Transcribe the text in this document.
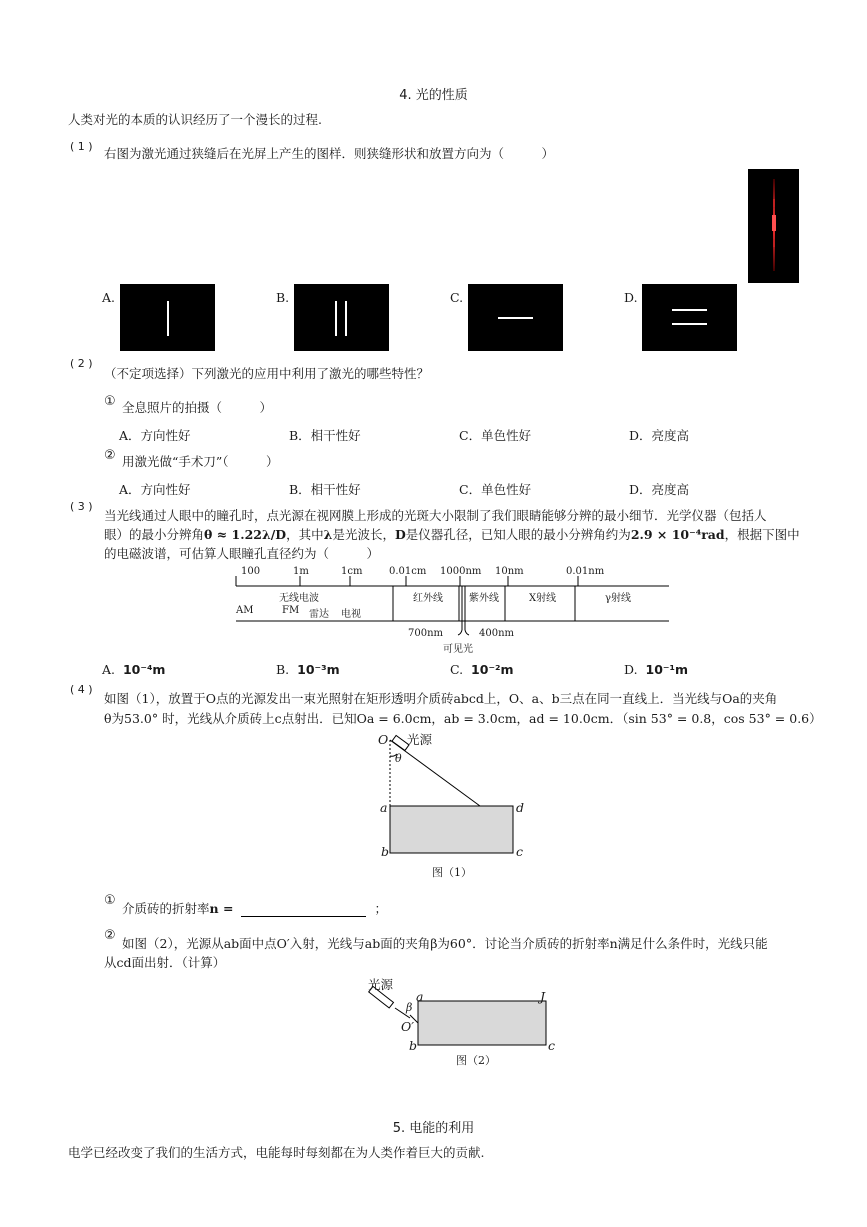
4. 光的性质
人类对光的本质的认识经历了一个漫长的过程.
( 1 ) 右图为激光通过狭缝后在光屏上产生的图样．则狭缝形状和放置方向为（　　　）
A.	B.	C.	D.
( 2 )
（不定项选择）下列激光的应用中利用了激光的哪些特性？
① 全息照片的拍摄（　　　）
A．方向性好	B．相干性好	C．单色性好	D．亮度高
② 用激光做“手术刀”（　　　）
A．方向性好	B．相干性好	C．单色性好	D．亮度高
( 3 )
当光线通过人眼中的瞳孔时，点光源在视网膜上形成的光斑大小限制了我们眼睛能够分辨的最小细节．光学仪器（包括人
眼）的最小分辨角θ ≈ 1.22λ/D，其中λ是光波长，D是仪器孔径，已知人眼的最小分辨角约为2.9 × 10⁻⁴rad，根据下图中
的电磁波谱，可估算人眼瞳孔直径约为（　　　）
100	1m	1cm	0.01cm 1000nm 10nm	0.01nm
无线电波	红外线	紫外线	X射线	γ射线
AM	FM 雷达 电视
700nm	400nm
可见光
A. 10⁻⁴m	B. 10⁻³m	C. 10⁻²m	D. 10⁻¹m
( 4 )
如图（1），放置于O点的光源发出一束光照射在矩形透明介质砖abcd上，O、a、b三点在同一直线上．当光线与Oa的夹角
θ为53.0° 时，光线从介质砖上c点射出．已知Oa = 6.0cm，ab = 3.0cm，ad = 10.0cm．（sin 53° = 0.8，cos 53° = 0.6）
O 光源
θ
a	d
b	c
图（1）
①
介质砖的折射率n =	；
②
如图（2），光源从ab面中点O′入射，光线与ab面的夹角β为60°．讨论当介质砖的折射率n满足什么条件时，光线只能
从cd面出射．（计算）
光源
a	J
β
O′
b	c
图（2）
5. 电能的利用
电学已经改变了我们的生活方式，电能每时每刻都在为人类作着巨大的贡献.
